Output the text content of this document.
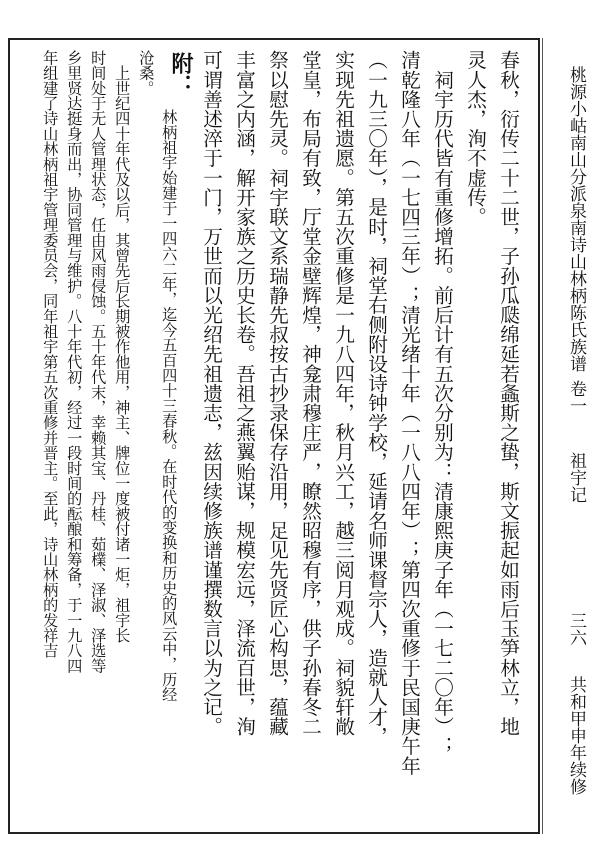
桃源小岵南山分派泉南诗山林柄陈氏族谱
卷一
祖宇记
三六
共和甲申年续修
春秋，衍传二十二世，子孙瓜瓞绵延若螽斯之蛰，斯文振起如雨后玉笋林立，地
灵人杰，洵不虚传。
　祠宇历代皆有重修增拓。前后计有五次分别为：清康熙庚子年（一七二〇年）；
清乾隆八年（一七四三年）；清光绪十年（一八八四年）；第四次重修于民国庚午年
（一九三〇年），是时，祠堂右侧附设诗钟学校，延请名师课督宗人，造就人才，
实现先祖遗愿。第五次重修是一九八四年，秋月兴工，越三阅月观成。祠貌轩敞
堂皇，布局有致，厅堂金壁辉煌，神龛肃穆庄严，瞭然昭穆有序，供子孙春冬二
祭以慰先灵。祠宇联文系瑞静先叔按古抄录保存沿用，足见先贤匠心构思，蕴藏
丰富之内涵，解开家族之历史长卷。吾祖之燕翼贻谋，规模宏远，泽流百世，洵
可谓善述淬于一门，万世而以光绍先祖遗志，兹因续修族谱谨撰数言以为之记。
附：
　林柄祖宇始建于一四六二年，迄今五百四十三春秋。在时代的变换和历史的风云中，历经
沧桑。
　上世纪四十年代及以后，其曾先后长期被作他用，神主、牌位一度被付诸一炬，祖宇长
时间处于无人管理状态，任由风雨侵蚀。五十年代末，幸赖其宝、丹桂、茹檏、泽淑、泽选等
乡里贤达挺身而出，协同管理与维护。八十年代初，经过一段时间的酝酿和筹备，于一九八四
年组建了诗山林柄祖宇管理委员会，同年祖宇第五次重修并晋主。至此，诗山林柄的发祥吉
